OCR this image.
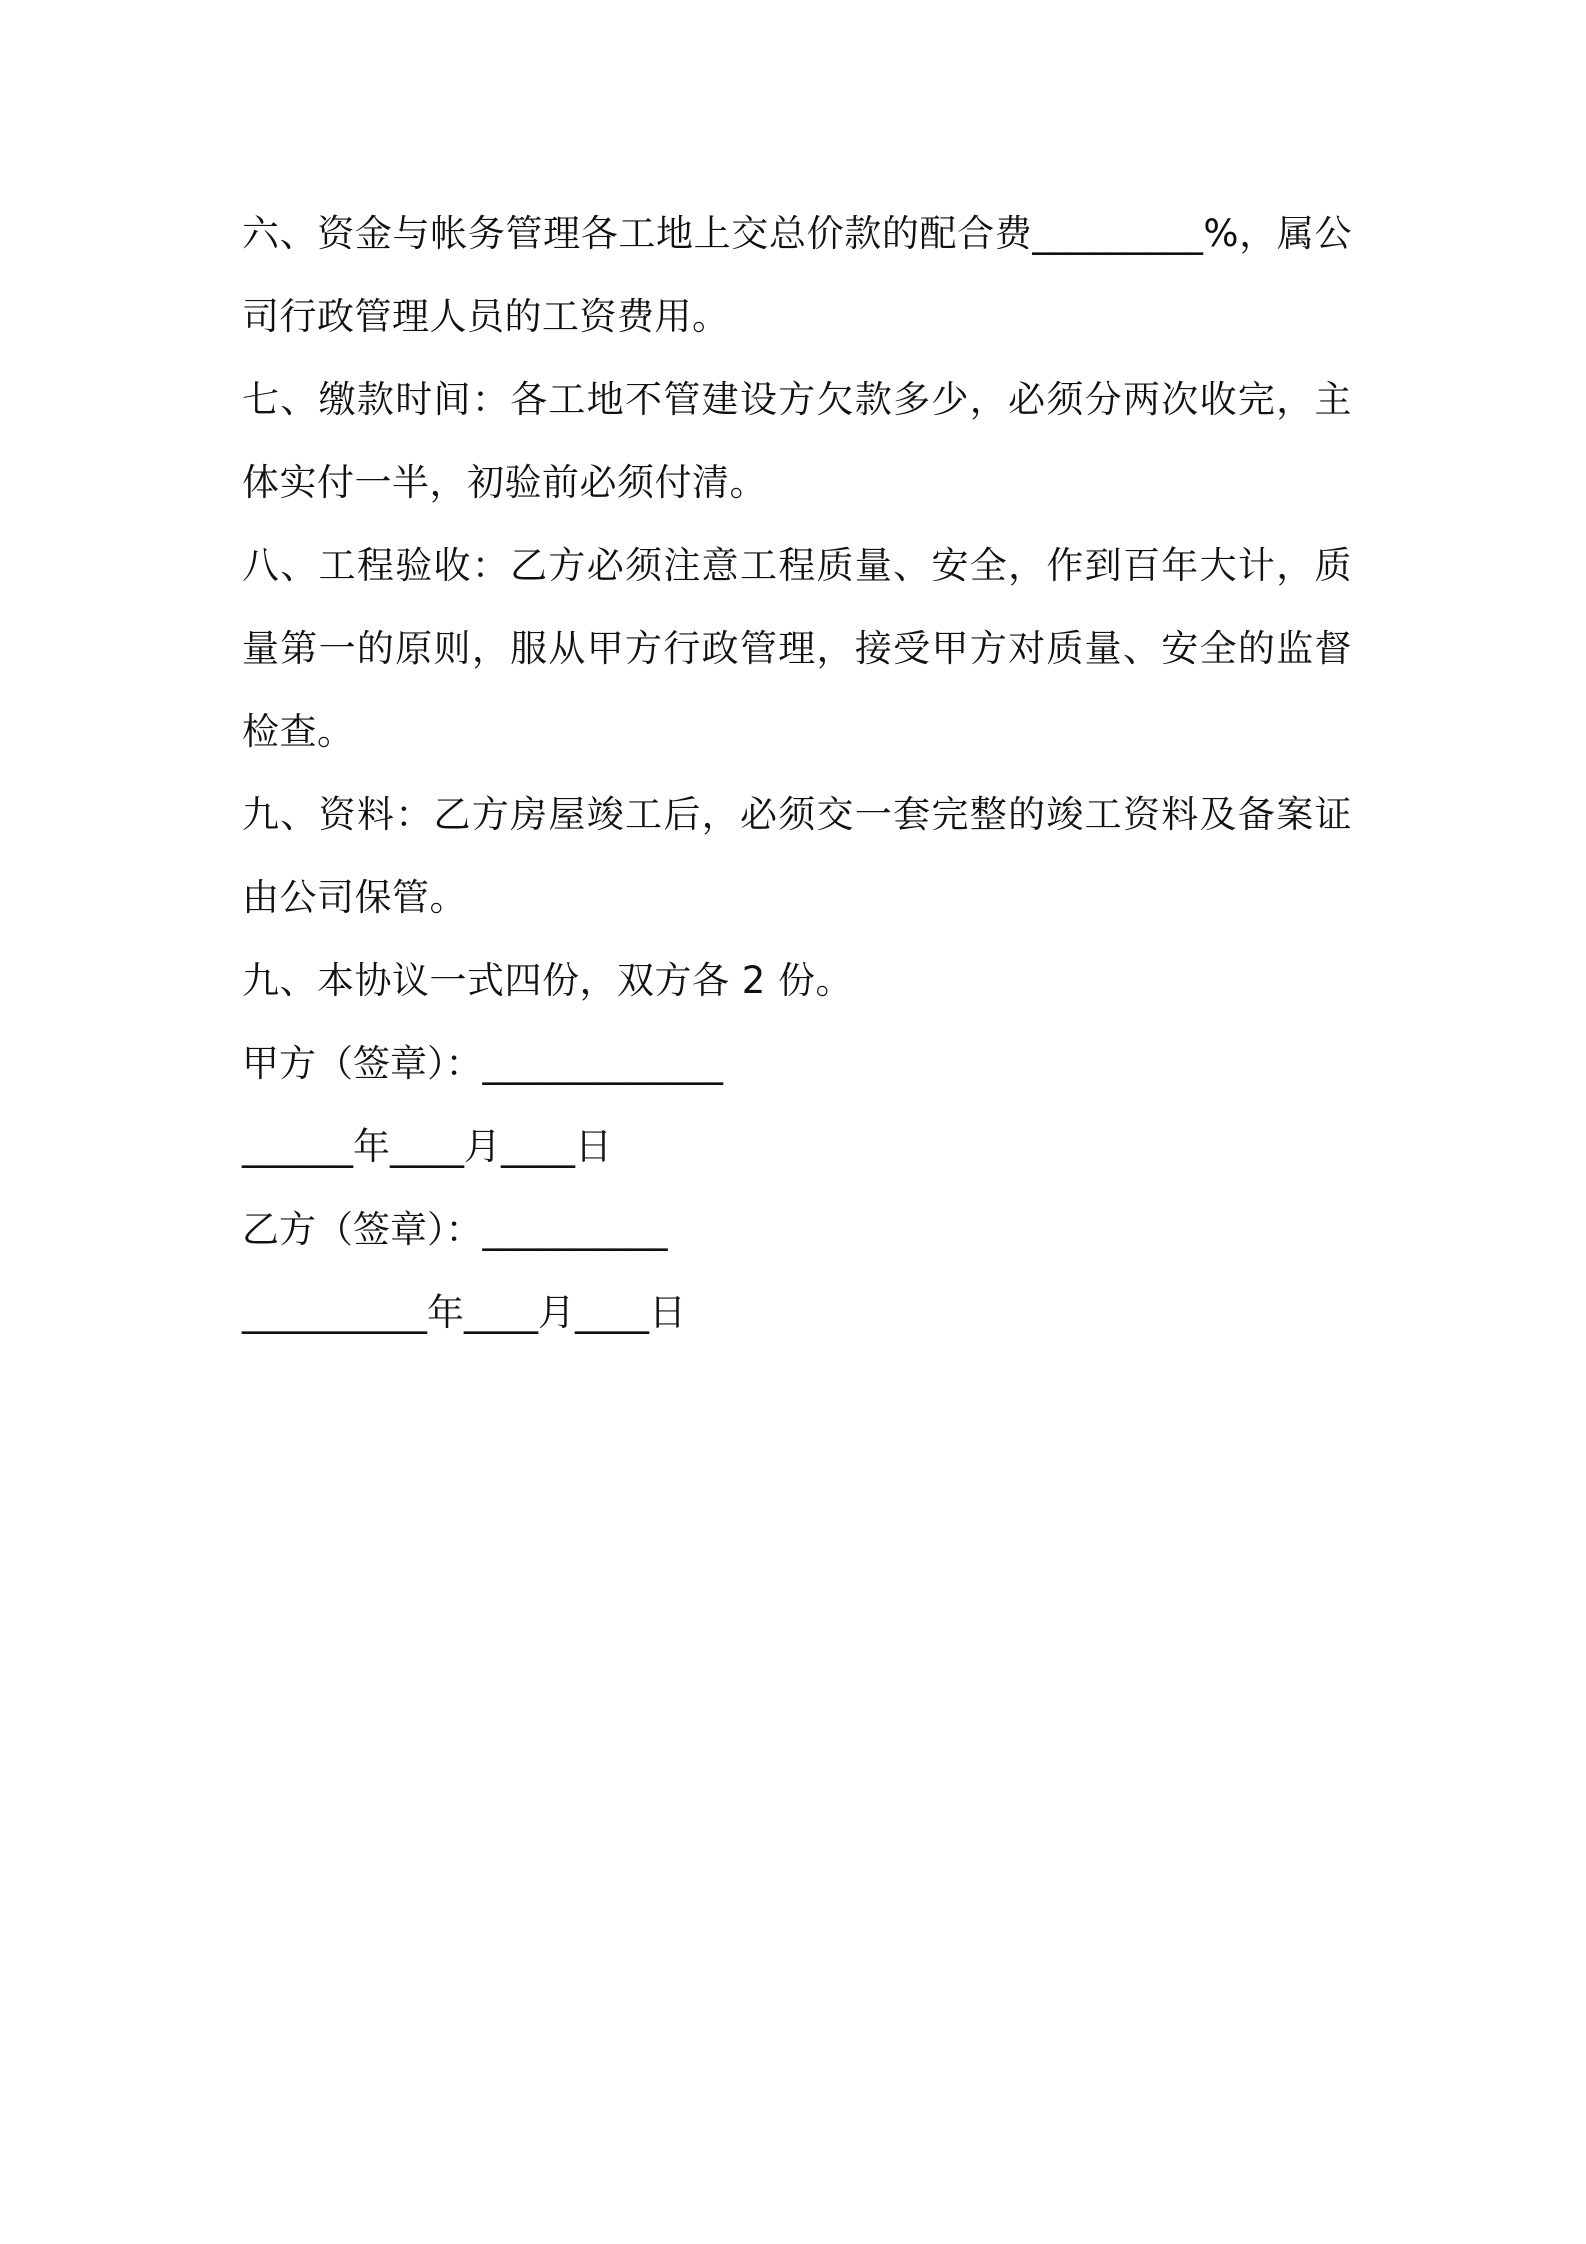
六、资金与帐务管理各工地上交总价款的配合费_________%，属公司行政管理人员的工资费用。

七、缴款时间：各工地不管建设方欠款多少，必须分两次收完，主体实付一半，初验前必须付清。

八、工程验收：乙方必须注意工程质量、安全，作到百年大计，质量第一的原则，服从甲方行政管理，接受甲方对质量、安全的监督检查。

九、资料：乙方房屋竣工后，必须交一套完整的竣工资料及备案证由公司保管。

九、本协议一式四份，双方各 2 份。

甲方（签章）：_____________

______年____月____日

乙方（签章）：__________

__________年____月____日
